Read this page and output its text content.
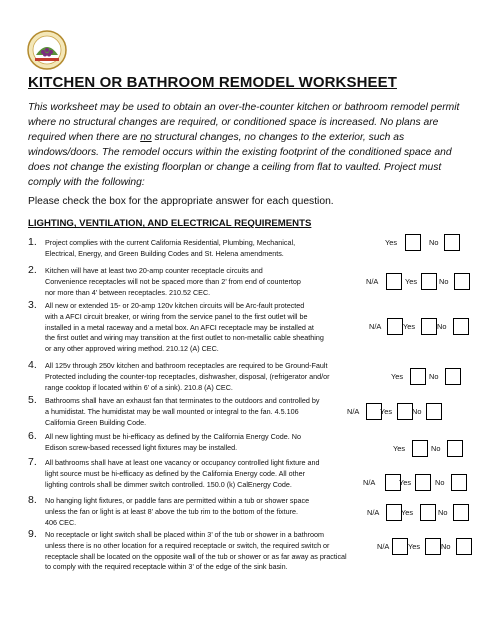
KITCHEN OR BATHROOM REMODEL WORKSHEET
This worksheet may be used to obtain an over-the-counter kitchen or bathroom remodel permit where no structural changes are required, or conditioned space is increased. No plans are required when there are no structural changes, no changes to the exterior, such as windows/doors. The remodel occurs within the existing footprint of the conditioned space and does not change the existing floorplan or change a ceiling from flat to vaulted. Project must comply with the following:
Please check the box for the appropriate answer for each question.
LIGHTING, VENTILATION, AND ELECTRICAL REQUIREMENTS
1. Project complies with the current California Residential, Plumbing, Mechanical,
Electrical, Energy, and Green Building Codes and St. Helena amendments.
Yes	No
2. Kitchen will have at least two 20-amp counter receptacle circuits and
Convenience receptacles will not be spaced more than 2’ from end of countertop
nor more than 4’ between receptacles. 210.52 CEC.
N/A	Yes	No
3. All new or extended 15- or 20-amp 120v kitchen circuits will be Arc-fault protected
with a AFCI circuit breaker, or wiring from the service panel to the first outlet will be
installed in a metal raceway and a metal box. An AFCI receptacle may be installed at
the first outlet and wiring may transition at the first outlet to non-metallic cable sheathing
or any other approved wiring method. 210.12 (A) CEC.
N/A	Yes	No
4. All 125v through 250v kitchen and bathroom receptacles are required to be Ground-Fault
Protected including the counter-top receptacles, dishwasher, disposal, (refrigerator and/or
range cooktop if located within 6’ of a sink). 210.8 (A) CEC.
Yes	No
5. Bathrooms shall have an exhaust fan that terminates to the outdoors and controlled by
a humidistat. The humidistat may be wall mounted or integral to the fan. 4.5.106
California Green Building Code.
N/A	Yes	No
6. All new lighting must be hi-efficacy as defined by the California Energy Code. No
Edison screw-based recessed light fixtures may be installed.	Yes	No
7. All bathrooms shall have at least one vacancy or occupancy controlled light fixture and
light source must be hi-efficacy as defined by the California Energy code. All other
lighting controls shall be dimmer switch controlled. 150.0 (k) CalEnergy Code.	N/A	Yes	No
8. No hanging light fixtures, or paddle fans are permitted within a tub or shower space
unless the fan or light is at least 8’ above the tub rim to the bottom of the fixture.
406 CEC.
N/A	Yes	No
9. No receptacle or light switch shall be placed within 3’ of the tub or shower in a bathroom
unless there is no other location for a required receptacle or switch, the required switch or
receptacle shall be located on the opposite wall of the tub or shower or as far away as practical
to comply with the required receptacle within 3’ of the edge of the sink basin.
N/A	Yes	No
